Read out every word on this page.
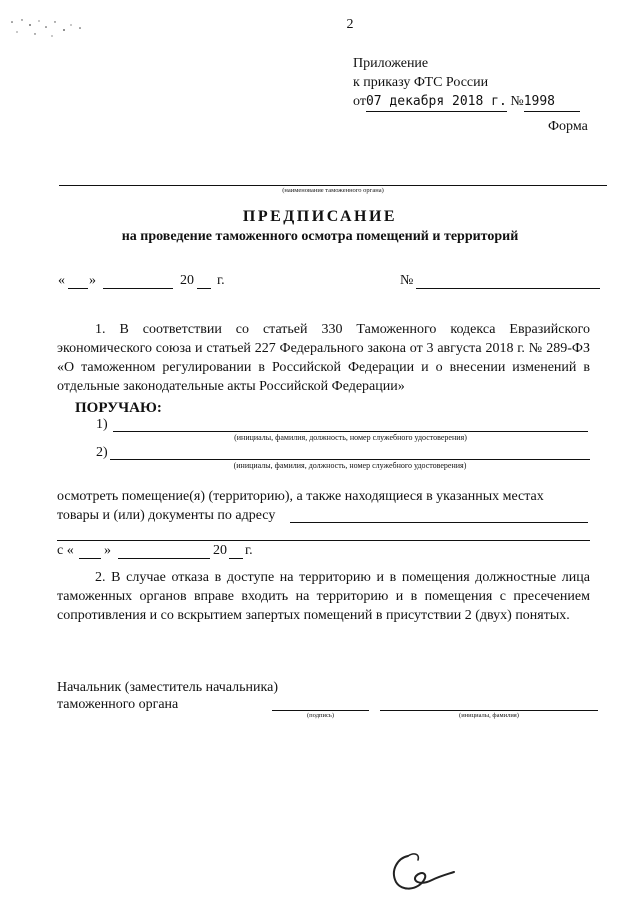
2
Приложение
к приказу ФТС России
от07 декабря 2018 г. №1998
Форма
(наименование таможенного органа)
ПРЕДПИСАНИЕ
на проведение таможенного осмотра помещений и территорий
« »	20 г.	№
1. В соответствии со статьей 330 Таможенного кодекса Евразийского экономического союза и статьей 227 Федерального закона от 3 августа 2018 г. № 289-ФЗ «О таможенном регулировании в Российской Федерации и о внесении изменений в отдельные законодательные акты Российской Федерации»
ПОРУЧАЮ:
1)
(инициалы, фамилия, должность, номер служебного удостоверения)
2)
(инициалы, фамилия, должность, номер служебного удостоверения)
осмотреть помещение(я) (территорию), а также находящиеся в указанных местах
товары и (или) документы по адресу
с « »	20 г.
2. В случае отказа в доступе на территорию и в помещения должностные лица таможенных органов вправе входить на территорию и в помещения с пресечением сопротивления и со вскрытием запертых помещений в присутствии 2 (двух) понятых.
Начальник (заместитель начальника)
таможенного органа
(подпись)	(инициалы, фамилия)
